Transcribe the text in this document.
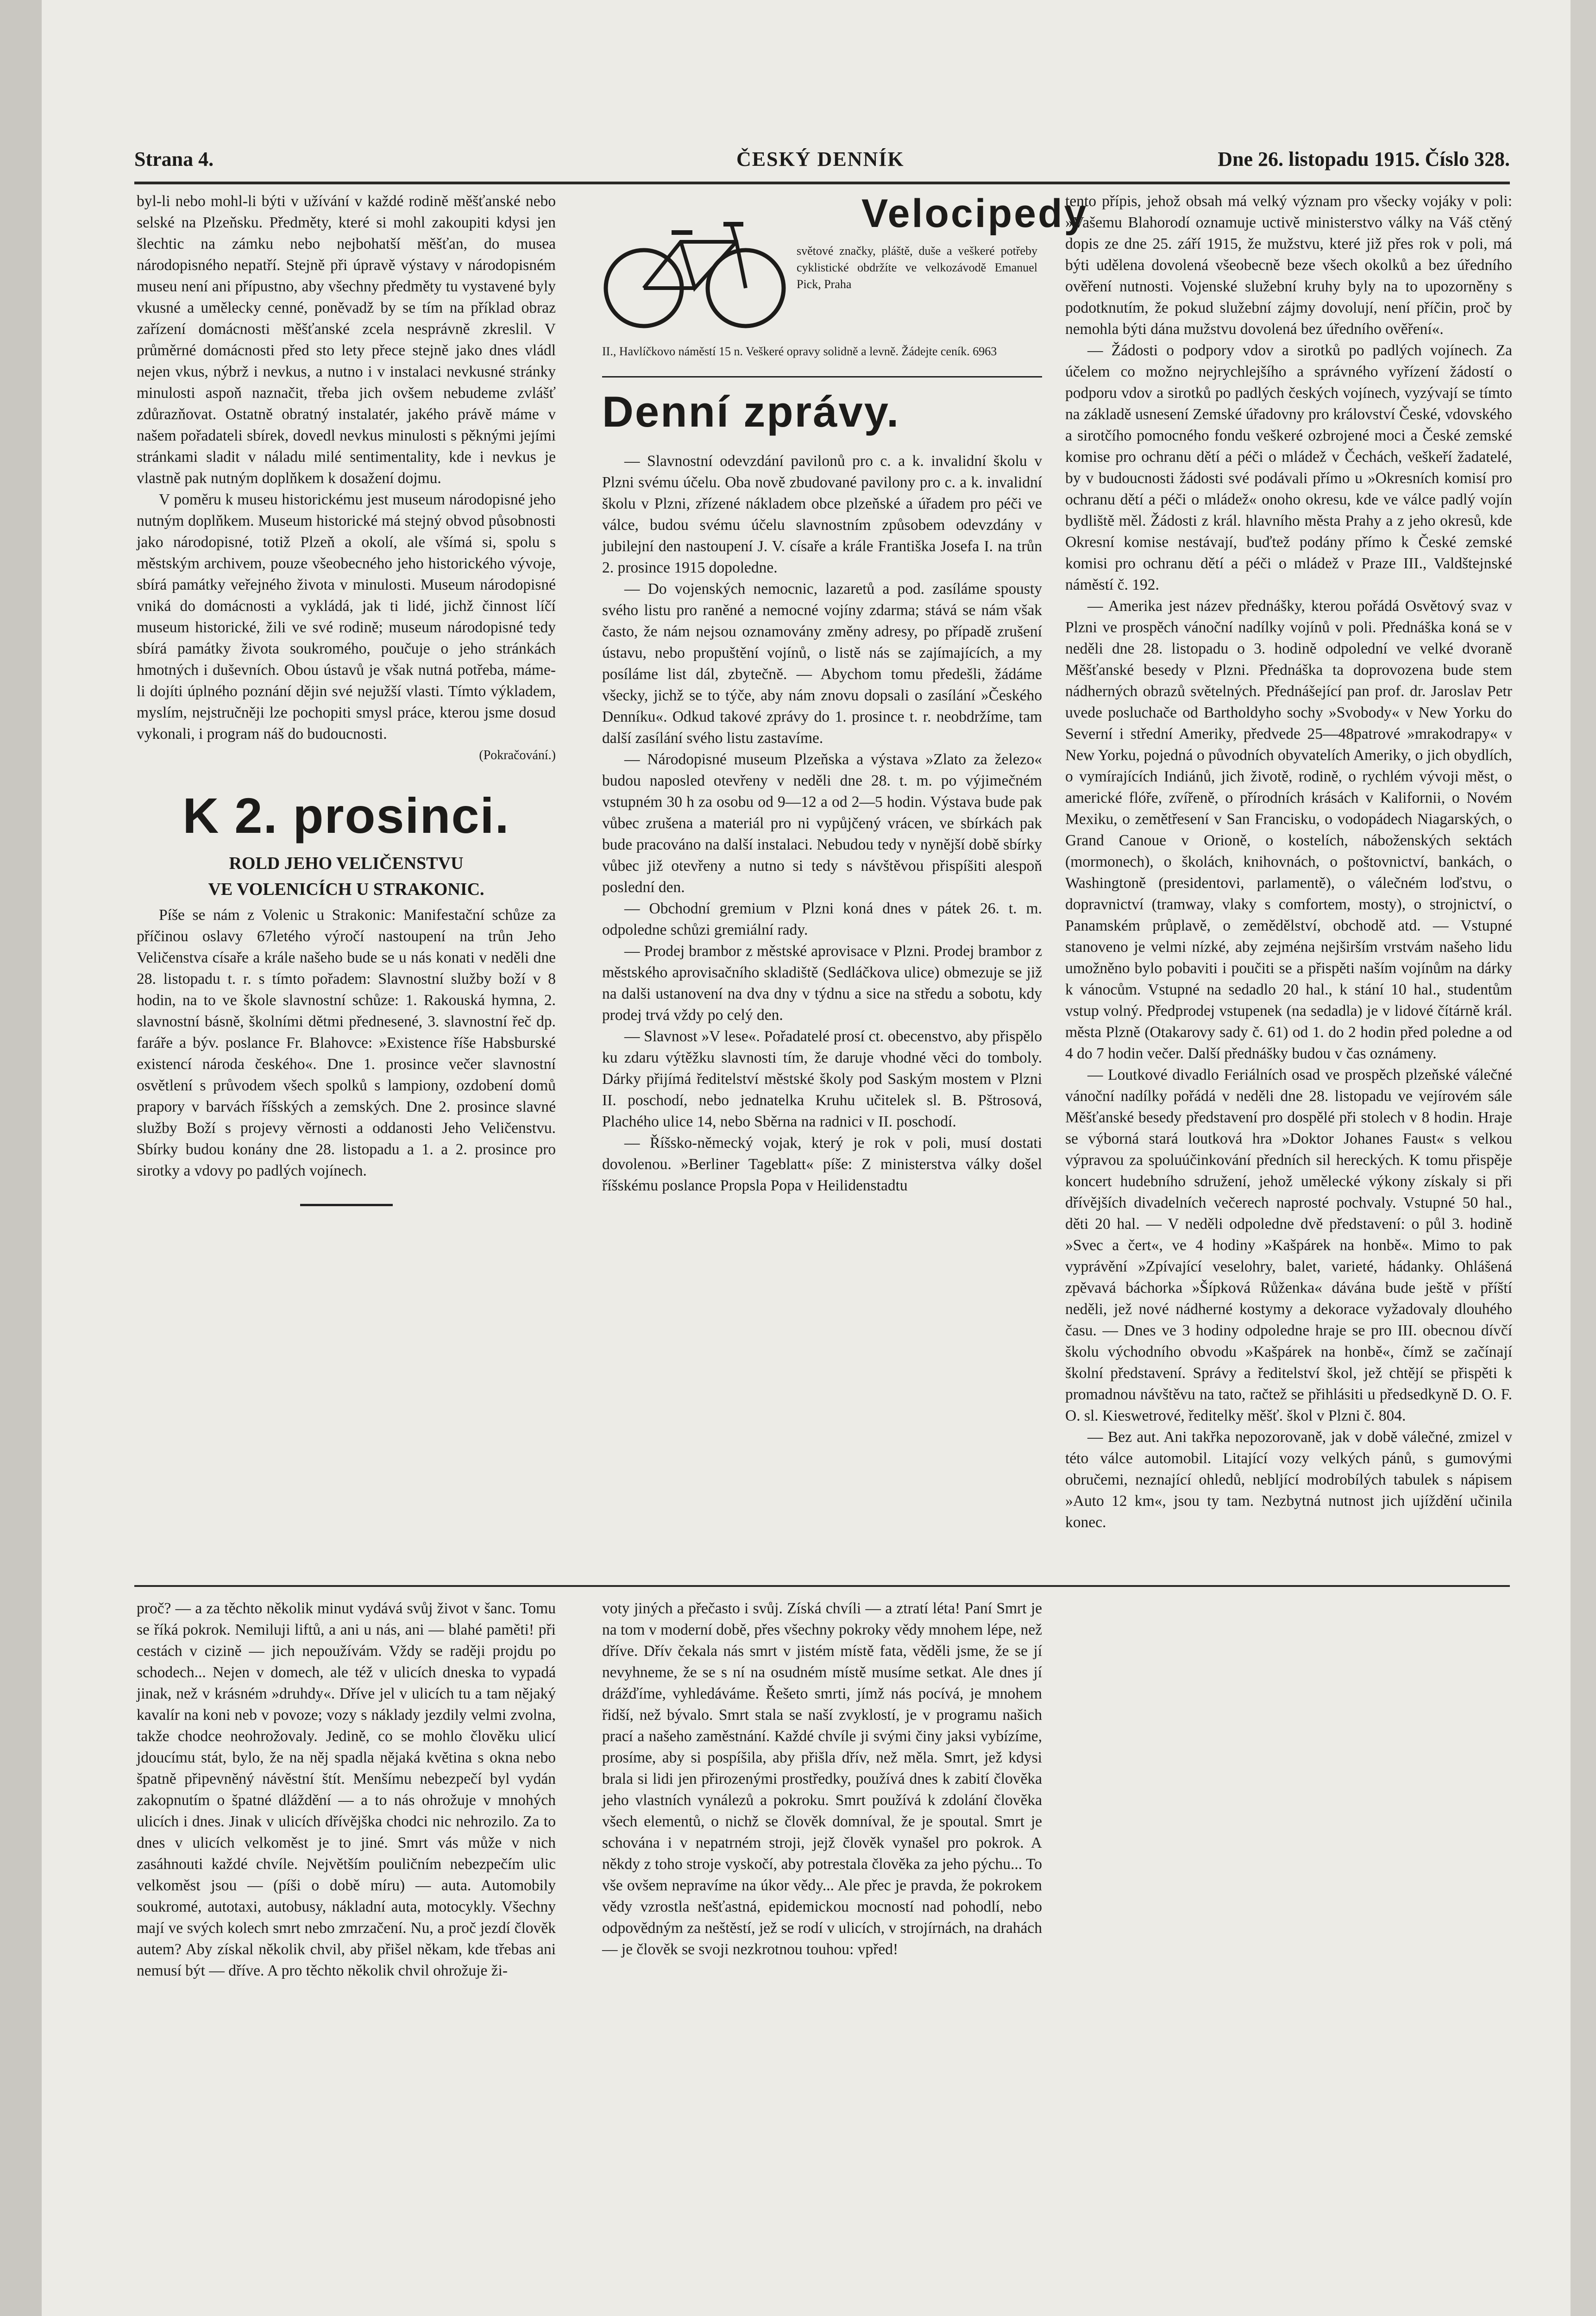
Strana 4.	ČESKÝ DENNÍK	Dne 26. listopadu 1915. Číslo 328.

byl-li nebo mohl-li býti v užívání v každé rodině měšťanské nebo selské na Plzeňsku. Předměty, které si mohl zakoupiti kdysi jen šlechtic na zámku nebo nejbohatší měšťan, do musea národopisného nepatří. Stejně při úpravě výstavy v národopisném museu není ani přípustno, aby všechny předměty tu vystavené byly vkusné a umělecky cenné, poněvadž by se tím na příklad obraz zařízení domácnosti měšťanské zcela nesprávně zkreslil. V průměrné domácnosti před sto lety přece stejně jako dnes vládl nejen vkus, nýbrž i nevkus, a nutno i v instalaci nevkusné stránky minulosti aspoň naznačit, třeba jich ovšem nebudeme zvlášť zdůrazňovat. Ostatně obratný instalatér, jakého právě máme v našem pořadateli sbírek, dovedl nevkus minulosti s pěknými jejími stránkami sladit v náladu milé sentimentality, kde i nevkus je vlastně pak nutným doplňkem k dosažení dojmu.

V poměru k museu historickému jest museum národopisné jeho nutným doplňkem. Museum historické má stejný obvod působnosti jako národopisné, totiž Plzeň a okolí, ale všímá si, spolu s městským archivem, pouze všeobecného jeho historického vývoje, sbírá památky veřejného života v minulosti. Museum národopisné vniká do domácnosti a vykládá, jak ti lidé, jichž činnost líčí museum historické, žili ve své rodině; museum národopisné tedy sbírá památky života soukromého, poučuje o jeho stránkách hmotných i duševních. Obou ústavů je však nutná potřeba, máme-li dojíti úplného poznání dějin své nejužší vlasti. Tímto výkladem, myslím, nejstručněji lze pochopiti smysl práce, kterou jsme dosud vykonali, i program náš do budoucnosti.

(Pokračování.)

K 2. prosinci.
ROLD JEHO VELIČENSTVU
VE VOLENICÍCH U STRAKONIC.

Píše se nám z Volenic u Strakonic: Manifestační schůze za příčinou oslavy 67letého výročí nastoupení na trůn Jeho Veličenstva císaře a krále našeho bude se u nás konati v neděli dne 28. listopadu t. r. s tímto pořadem: Slavnostní služby boží v 8 hodin, na to ve škole slavnostní schůze: 1. Rakouská hymna, 2. slavnostní básně, školními dětmi přednesené, 3. slavnostní řeč dp. faráře a býv. poslance Fr. Blahovce: »Existence říše Habsburské existencí národa českého«. Dne 1. prosince večer slavnostní osvětlení s průvodem všech spolků s lampiony, ozdobení domů prapory v barvách říšských a zemských. Dne 2. prosince slavné služby Boží s projevy věrnosti a oddanosti Jeho Veličenstvu. Sbírky budou konány dne 28. listopadu a 1. a 2. prosince pro sirotky a vdovy po padlých vojínech.

Velocipedy
světové značky, pláště, duše a veškeré potřeby cyklistické obdržíte ve velkozávodě Emanuel Pick, Praha
II., Havlíčkovo náměstí 15 n. Veškeré opravy solidně a levně. Žádejte ceník. 6963
Denní zprávy.

— Slavnostní odevzdání pavilonů pro c. a k. invalidní školu v Plzni svému účelu. Oba nově zbudované pavilony pro c. a k. invalidní školu v Plzni, zřízené nákladem obce plzeňské a úřadem pro péči ve válce, budou svému účelu slavnostním způsobem odevzdány v jubilejní den nastoupení J. V. císaře a krále Františka Josefa I. na trůn 2. prosince 1915 dopoledne.

— Do vojenských nemocnic, lazaretů a pod. zasíláme spousty svého listu pro raněné a nemocné vojíny zdarma; stává se nám však často, že nám nejsou oznamovány změny adresy, po případě zrušení ústavu, nebo propuštění vojínů, o listě nás se zajímajících, a my posíláme list dál, zbytečně. — Abychom tomu předešli, žádáme všecky, jichž se to týče, aby nám znovu dopsali o zasílání »Českého Denníku«. Odkud takové zprávy do 1. prosince t. r. neobdržíme, tam další zasílání svého listu zastavíme.

— Národopisné museum Plzeňska a výstava »Zlato za železo« budou naposled otevřeny v neděli dne 28. t. m. po výjimečném vstupném 30 h za osobu od 9—12 a od 2—5 hodin. Výstava bude pak vůbec zrušena a materiál pro ni vypůjčený vrácen, ve sbírkách pak bude pracováno na další instalaci. Nebudou tedy v nynější době sbírky vůbec již otevřeny a nutno si tedy s návštěvou přispíšiti alespoň poslední den.

— Obchodní gremium v Plzni koná dnes v pátek 26. t. m. odpoledne schůzi gremiální rady.

— Prodej brambor z městské aprovisace v Plzni. Prodej brambor z městského aprovisačního skladiště (Sedláčkova ulice) obmezuje se již na dalši ustanovení na dva dny v týdnu a sice na středu a sobotu, kdy prodej trvá vždy po celý den.

— Slavnost »V lese«. Pořadatelé prosí ct. obecenstvo, aby přispělo ku zdaru výtěžku slavnosti tím, že daruje vhodné věci do tomboly. Dárky přijímá ředitelství městské školy pod Saským mostem v Plzni II. poschodí, nebo jednatelka Kruhu učitelek sl. B. Pštrosová, Plachého ulice 14, nebo Sběrna na radnici v II. poschodí.

— Říšsko-německý vojak, který je rok v poli, musí dostati dovolenou. »Berliner Tageblatt« píše: Z ministerstva války došel říšskému poslance Propsla Popa v Heilidenstadtu

tento přípis, jehož obsah má velký význam pro všecky vojáky v poli: »Vašemu Blahorodí oznamuje uctivě ministerstvo války na Váš ctěný dopis ze dne 25. září 1915, že mužstvu, které již přes rok v poli, má býti udělena dovolená všeobecně beze všech okolků a bez úředního ověření nutnosti. Vojenské služební kruhy byly na to upozorněny s podotknutím, že pokud služební zájmy dovolují, není příčin, proč by nemohla býti dána mužstvu dovolená bez úředního ověření«.

— Žádosti o podpory vdov a sirotků po padlých vojínech. Za účelem co možno nejrychlejšího a správného vyřízení žádostí o podporu vdov a sirotků po padlých českých vojínech, vyzývají se tímto na základě usnesení Zemské úřadovny pro království České, vdovského a sirotčího pomocného fondu veškeré ozbrojené moci a České zemské komise pro ochranu dětí a péči o mládež v Čechách, veškeří žadatelé, by v budoucnosti žádosti své podávali přímo u »Okresních komisí pro ochranu dětí a péči o mládež« onoho okresu, kde ve válce padlý vojín bydliště měl. Žádosti z král. hlavního města Prahy a z jeho okresů, kde Okresní komise nestávají, buďtež podány přímo k České zemské komisi pro ochranu dětí a péči o mládež v Praze III., Valdštejnské náměstí č. 192.

— Amerika jest název přednášky, kterou pořádá Osvětový svaz v Plzni ve prospěch vánoční nadílky vojínů v poli. Přednáška koná se v neděli dne 28. listopadu o 3. hodině odpolední ve velké dvoraně Měšťanské besedy v Plzni. Přednáška ta doprovozena bude stem nádherných obrazů světelných. Přednášející pan prof. dr. Jaroslav Petr uvede posluchače od Bartholdyho sochy »Svobody« v New Yorku do Severní i střední Ameriky, předvede 25—48patrové »mrakodrapy« v New Yorku, pojedná o původních obyvatelích Ameriky, o jich obydlích, o vymírajících Indiánů, jich životě, rodině, o rychlém vývoji měst, o americké flóře, zvířeně, o přírodních krásách v Kalifornii, o Novém Mexiku, o zemětřesení v San Francisku, o vodopádech Niagarských, o Grand Canoue v Orioně, o kostelích, náboženských sektách (mormonech), o školách, knihovnách, o poštovnictví, bankách, o Washingtoně (presidentovi, parlamentě), o válečném loďstvu, o dopravnictví (tramway, vlaky s comfortem, mosty), o strojnictví, o Panamském průplavě, o zemědělství, obchodě atd. — Vstupné stanoveno je velmi nízké, aby zejména nejširším vrstvám našeho lidu umožněno bylo pobaviti i poučiti se a přispěti naším vojínům na dárky k vánocům. Vstupné na sedadlo 20 hal., k stání 10 hal., studentům vstup volný. Předprodej vstupenek (na sedadla) je v lidové čítárně král. města Plzně (Otakarovy sady č. 61) od 1. do 2 hodin před poledne a od 4 do 7 hodin večer. Další přednášky budou v čas oznámeny.

— Loutkové divadlo Feriálních osad ve prospěch plzeňské válečné vánoční nadílky pořádá v neděli dne 28. listopadu ve vejírovém sále Měšťanské besedy představení pro dospělé při stolech v 8 hodin. Hraje se výborná stará loutková hra »Doktor Johanes Faust« s velkou výpravou za spoluúčinkování předních sil hereckých. K tomu přispěje koncert hudebního sdružení, jehož umělecké výkony získaly si při dřívějších divadelních večerech naprosté pochvaly. Vstupné 50 hal., děti 20 hal. — V neděli odpoledne dvě představení: o půl 3. hodině »Svec a čert«, ve 4 hodiny »Kašpárek na honbě«. Mimo to pak vyprávění »Zpívající veselohry, balet, varieté, hádanky. Ohlášená zpěvavá báchorka »Šípková Růženka« dávána bude ještě v příští neděli, jež nové nádherné kostymy a dekorace vyžadovaly dlouhého času. — Dnes ve 3 hodiny odpoledne hraje se pro III. obecnou dívčí školu východního obvodu »Kašpárek na honbě«, čímž se začínají školní představení. Správy a ředitelství škol, jež chtějí se přispěti k promadnou návštěvu na tato, račtež se přihlásiti u předsedkyně D. O. F. O. sl. Kieswetrové, ředitelky měšť. škol v Plzni č. 804.

— Bez aut. Ani takřka nepozorovaně, jak v době válečné, zmizel v této válce automobil. Litající vozy velkých pánů, s gumovými obručemi, neznající ohledů, nebljící modrobílých tabulek s nápisem »Auto 12 km«, jsou ty tam. Nezbytná nutnost jich ujíždění učinila konec.

proč? — a za těchto několik minut vydává svůj život v šanc. Tomu se říká pokrok. Nemiluji liftů, a ani u nás, ani — blahé paměti! při cestách v cizině — jich nepoužívám. Vždy se raději projdu po schodech... Nejen v domech, ale též v ulicích dneska to vypadá jinak, než v krásném »druhdy«. Dříve jel v ulicích tu a tam nějaký kavalír na koni neb v povoze; vozy s náklady jezdily velmi zvolna, takže chodce neohrožovaly. Jedině, co se mohlo člověku ulicí jdoucímu stát, bylo, že na něj spadla nějaká květina s okna nebo špatně připevněný návěstní štít. Menšímu nebezpečí byl vydán zakopnutím o špatné dláždění — a to nás ohrožuje v mnohých ulicích i dnes. Jinak v ulicích dřívějška chodci nic nehrozilo. Za to dnes v ulicích velkoměst je to jiné. Smrt vás může v nich zasáhnouti každé chvíle. Největším pouličním nebezpečím ulic velkoměst jsou — (píši o době míru) — auta. Automobily soukromé, autotaxi, autobusy, nákladní auta, motocykly. Všechny mají ve svých kolech smrt nebo zmrzačení. Nu, a proč jezdí člověk autem? Aby získal několik chvil, aby přišel někam, kde třebas ani nemusí být — dříve. A pro těchto několik chvil ohrožuje ži-

voty jiných a přečasto i svůj. Získá chvíli — a ztratí léta! Paní Smrt je na tom v moderní době, přes všechny pokroky vědy mnohem lépe, než dříve. Dřív čekala nás smrt v jistém místě fata, věděli jsme, že se jí nevyhneme, že se s ní na osudném místě musíme setkat. Ale dnes jí drážďíme, vyhledáváme. Řešeto smrti, jímž nás pocívá, je mnohem řidší, než bývalo. Smrt stala se naší zvyklostí, je v programu našich prací a našeho zaměstnání. Každé chvíle ji svými činy jaksi vybízíme, prosíme, aby si pospíšila, aby přišla dřív, než měla. Smrt, jež kdysi brala si lidi jen přirozenými prostředky, používá dnes k zabití člověka jeho vlastních vynálezů a pokroku. Smrt používá k zdolání člověka všech elementů, o nichž se člověk domníval, že je spoutal. Smrt je schována i v nepatrném stroji, jejž člověk vynašel pro pokrok. A někdy z toho stroje vyskočí, aby potrestala člověka za jeho pýchu... To vše ovšem nepravíme na úkor vědy... Ale přec je pravda, že pokrokem vědy vzrostla nešťastná, epidemickou mocností nad pohodlí, nebo odpovědným za neštěstí, jež se rodí v ulicích, v strojírnách, na drahách — je člověk se svoji nezkrotnou touhou: vpřed!
